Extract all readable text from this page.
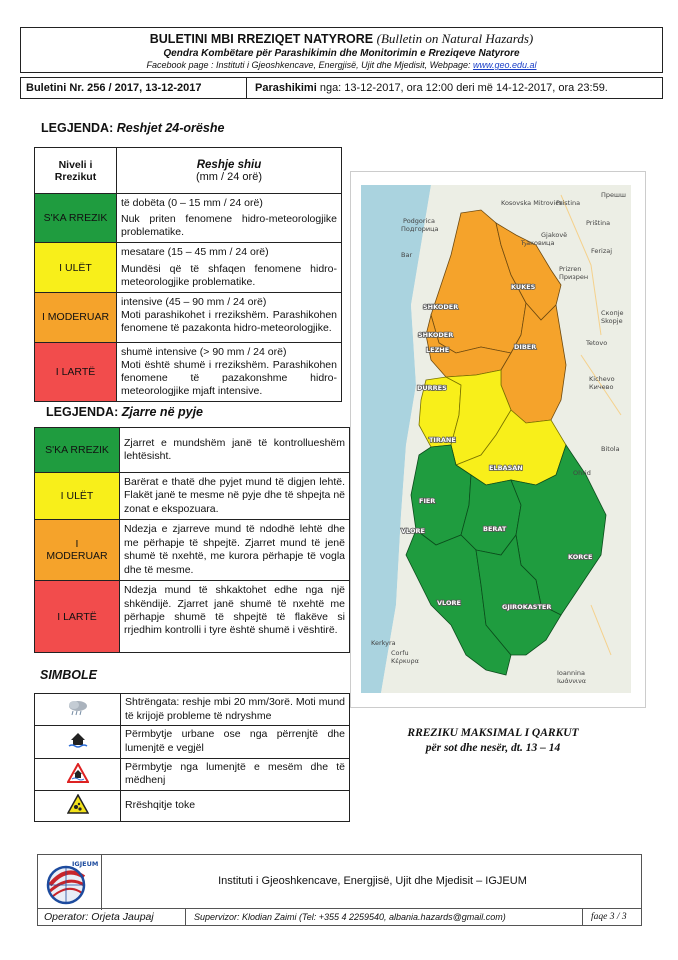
BULETINI MBI RREZIQET NATYRORE (Bulletin on Natural Hazards)
Qendra Kombëtare për Parashikimin dhe Monitorimin e Rreziqeve Natyrore
Facebook page : Instituti i Gjeoshkencave, Energjisë, Ujit dhe Mjedisit, Webpage: www.geo.edu.al
Buletini Nr. 256 / 2017, 13-12-2017	Parashikimi nga: 13-12-2017, ora 12:00 deri më 14-12-2017, ora 23:59.
LEGJENDA: Reshjet 24-orëshe
Niveli i Rrezikut	Reshje shiu
(mm / 24 orë)

S'KA RREZIK	të dobëta (0 – 15 mm / 24 orë)
Nuk priten fenomene hidro-meteorologjike problematike.

I ULËT	mesatare (15 – 45 mm / 24 orë)
Mundësi që të shfaqen fenomene hidro-meteorologjike problematike.

I MODERUAR	intensive (45 – 90 mm / 24 orë)
Moti parashikohet i rrezikshëm. Parashikohen fenomene të pazakonta hidro-meteorologjike.

I LARTË	shumë intensive (> 90 mm / 24 orë)
Moti është shumë i rrezikshëm. Parashikohen fenomene të pazakonshme hidro-meteorologjike mjaft intensive.
LEGJENDA: Zjarre në pyje
S'KA RREZIK	Zjarret e mundshëm janë të kontrollueshëm lehtësisht.
I ULËT	Barërat e thatë dhe pyjet mund të digjen lehtë. Flakët janë te mesme në pyje dhe të shpejta në zonat e ekspozuara.
I MODERUAR	Ndezja e zjarreve mund të ndodhë lehtë dhe me përhapje të shpejtë. Zjarret mund të jenë shumë të nxehtë, me kurora përhapje të vogla dhe të mesme.
I LARTË	Ndezja mund të shkaktohet edhe nga një shkëndijë. Zjarret janë shumë të nxehtë me përhapje shumë të shpejtë të flakëve si rrjedhim kontrolli i tyre është shumë i vështirë.
SIMBOLE
	Shtrëngata: reshje mbi 20 mm/3orë. Moti mund të krijojë probleme të ndryshme
	Përmbytje urbane ose nga përrenjtë dhe lumenjtë e vegjël
	Përmbytje nga lumenjtë e mesëm dhe të mëdhenj
	Rrëshqitje toke
SHKODER
KUKES
SHKODER
LEZHE	DIBER
DURRES
TIRANE
ELBASAN
FIER
BERAT
KORCE
VLORE
VLORE	GJIROKASTER
Podgorica
Подгорица
Bar
Pristina
Priština
Ferizaj
Prizren
Призрен
Скопје
Skopje
Tetovo
Kichevo
Кичево
Bitola
Ohrid
Ioannina
Ιωάννινα
Corfu
Κέρκυρα
Kosovska Mitrovica
Ђаковица
Gjakovë
Прешш
Kerkyra
RREZIKU MAKSIMAL I QARKUT
për sot dhe nesër, dt. 13 – 14
IGJEUM
Instituti i Gjeoshkencave, Energjisë, Ujit dhe Mjedisit – IGJEUM
Operator: Orjeta Jaupaj	Supervizor: Klodian Zaimi (Tel: +355 4 2259540, albania.hazards@gmail.com)	faqe 3 / 3
